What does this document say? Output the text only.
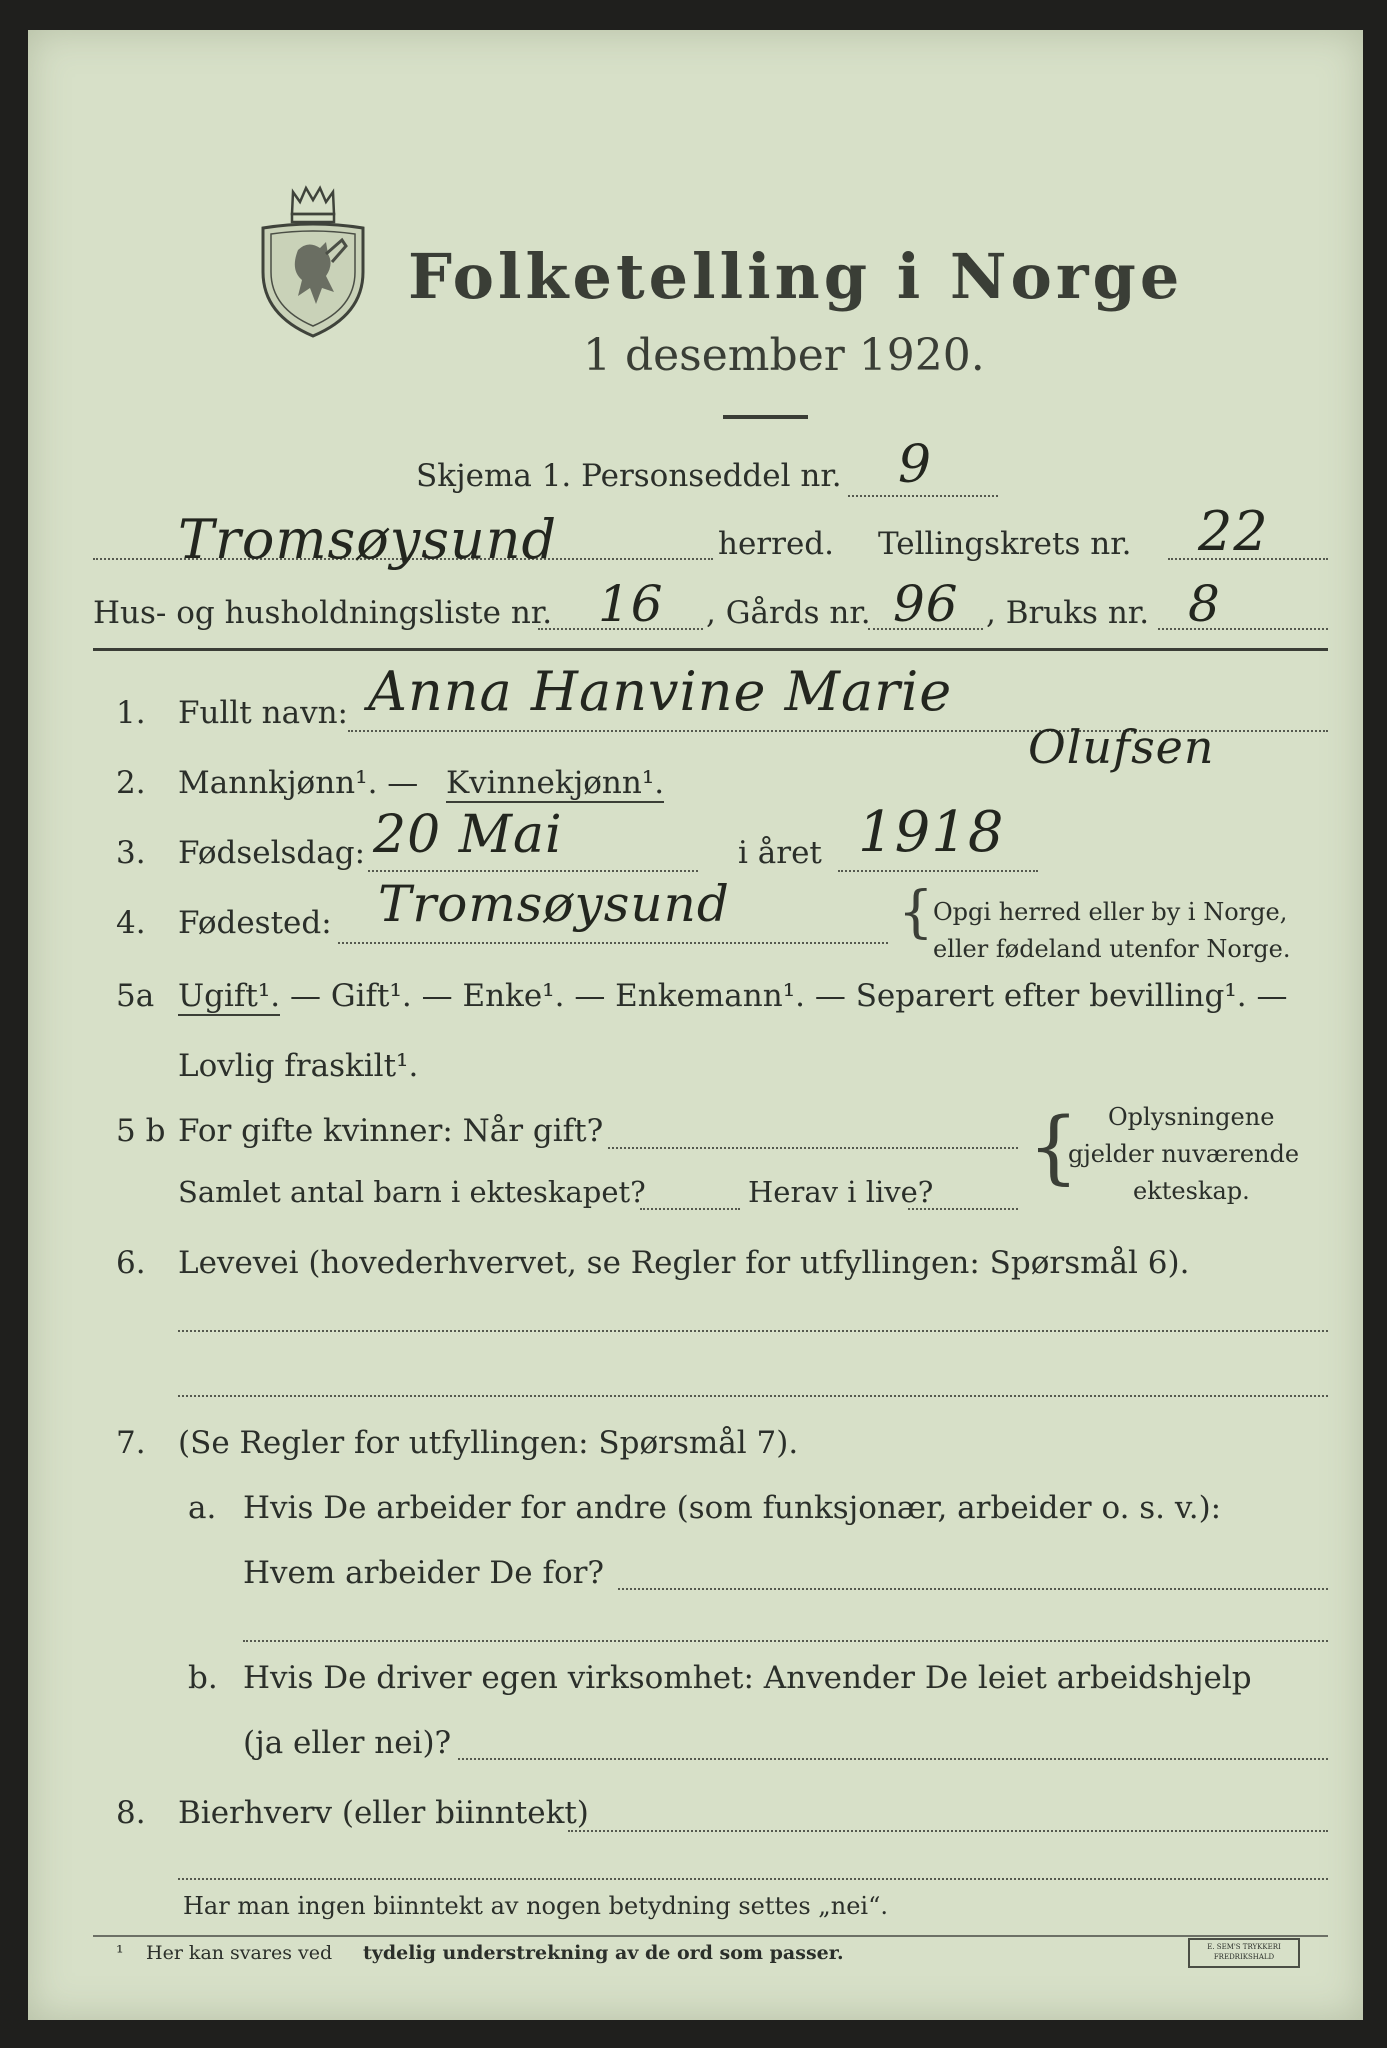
Folketelling i Norge
1 desember 1920.
Skjema 1. Personseddel nr. 9
Tromsøysund	herred. Tellingskrets nr. 22
Hus- og husholdningsliste nr. 16 , Gårds nr. 96 , Bruks nr. 8
1. Fullt navn: Anna Hanvine Marie
Olufsen
2. Mannkjønn¹. — Kvinnekjønn¹.
3. Fødselsdag: 20 Mai	i året 1918
4. Fødested: Tromsøysund	{ Opgi herred eller by i Norge,
eller fødeland utenfor Norge.
5a Ugift¹. — Gift¹. — Enke¹. — Enkemann¹. — Separert efter bevilling¹. —
Lovlig fraskilt¹.
5 b For gifte kvinner: Når gift?
Samlet antal barn i ekteskapet?	Herav i live? { Oplysningene
gjelder nuværende
ekteskap.
6. Levevei (hovederhvervet, se Regler for utfyllingen: Spørsmål 6).
7. (Se Regler for utfyllingen: Spørsmål 7).
a. Hvis De arbeider for andre (som funksjonær, arbeider o. s. v.):
Hvem arbeider De for?
b. Hvis De driver egen virksomhet: Anvender De leiet arbeidshjelp
(ja eller nei)?
8. Bierhverv (eller biinntekt)
Har man ingen biinntekt av nogen betydning settes „nei“.
¹ Her kan svares ved tydelig understrekning av de ord som passer.	E. SEM'S TRYKKERI FREDRIKSHALD
